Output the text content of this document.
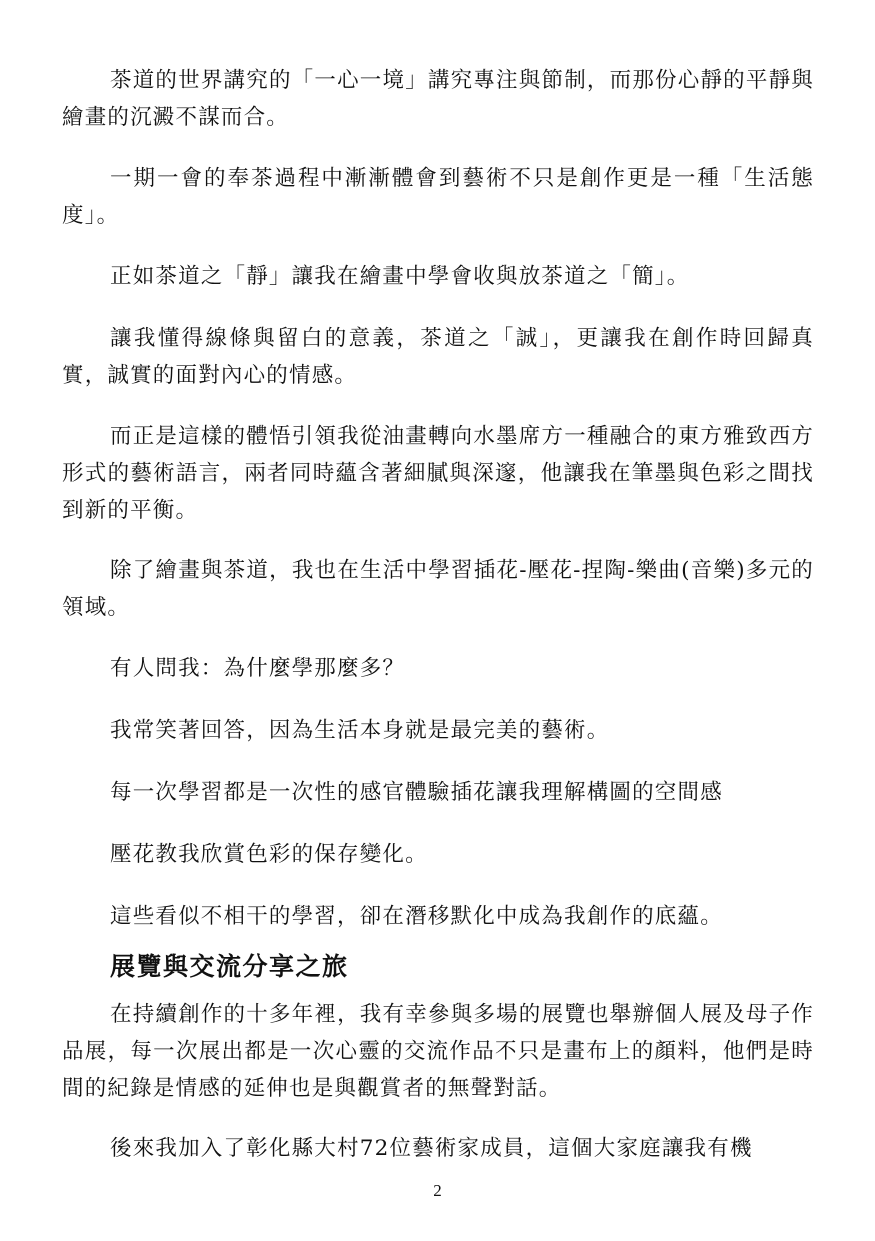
茶道的世界講究的「一心一境」講究專注與節制，而那份心靜的平靜與繪畫的沉澱不謀而合。

一期一會的奉茶過程中漸漸體會到藝術不只是創作更是一種「生活態度」。

正如茶道之「靜」讓我在繪畫中學會收與放茶道之「簡」。

讓我懂得線條與留白的意義，茶道之「誠」，更讓我在創作時回歸真實，誠實的面對內心的情感。

而正是這樣的體悟引領我從油畫轉向水墨席方一種融合的東方雅致西方形式的藝術語言，兩者同時蘊含著細膩與深邃，他讓我在筆墨與色彩之間找到新的平衡。

除了繪畫與茶道，我也在生活中學習插花-壓花-捏陶-樂曲(音樂)多元的領域。

有人問我：為什麼學那麼多？

我常笑著回答，因為生活本身就是最完美的藝術。

每一次學習都是一次性的感官體驗插花讓我理解構圖的空間感

壓花教我欣賞色彩的保存變化。

這些看似不相干的學習，卻在潛移默化中成為我創作的底蘊。

展覽與交流分享之旅

在持續創作的十多年裡，我有幸參與多場的展覽也舉辦個人展及母子作品展，每一次展出都是一次心靈的交流作品不只是畫布上的顏料，他們是時間的紀錄是情感的延伸也是與觀賞者的無聲對話。

後來我加入了彰化縣大村72位藝術家成員，這個大家庭讓我有機

2
